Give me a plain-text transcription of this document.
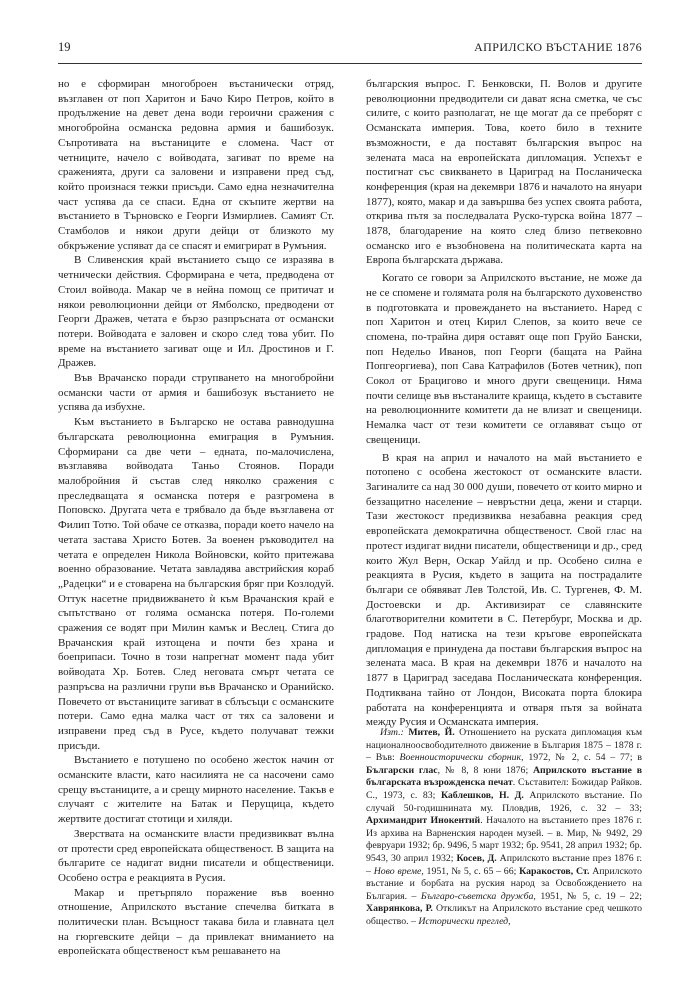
19	АПРИЛСКО ВЪСТАНИЕ 1876

но е сформиран многоброен въстанически отряд, възглавен от поп Харитон и Бачо Киро Петров, който в продължение на девет дена води героични сражения с многобройна османска редовна армия и башибозук. Съпротивата на въстаниците е сломена. Част от четниците, начело с войводата, загиват по време на сраженията, други са заловени и изправени пред съд, който произнася тежки присъди. Само една незначителна част успява да се спаси. Една от скъпите жертви на въстанието в Търновско е Георги Измирлиев. Самият Ст. Стамболов и някои други дейци от близкото му обкръжение успяват да се спасят и емигрират в Румъния.

В Сливенския край въстанието също се изразява в четнически действия. Сформирана е чета, предводена от Стоил войвода. Макар че в нейна помощ се притичат и някои революционни дейци от Ямболско, предводени от Георги Дражев, четата е бързо разпръсната от османски потери. Войводата е заловен и скоро след това убит. По време на въстанието загиват още и Ил. Дростинов и Г. Дражев.

Във Врачанско поради струпването на многобройни османски части от армия и башибозук въстанието не успява да избухне.

Към въстанието в Българско не остава равнодушна българската революционна емиграция в Румъния. Сформирани са две чети – едната, по-малочислена, възглавява войводата Таньо Стоянов. Поради малобройния й състав след няколко сражения с преследващата я османска потеря е разгромена в Поповско. Другата чета е трябвало да бъде възглавена от Филип Тотю. Той обаче се отказва, поради което начело на четата застава Христо Ботев. За военен ръководител на четата е определен Никола Войновски, който притежава военно образование. Четата завладява австрийския кораб „Радецки“ и е стоварена на българския бряг при Козлодуй. Оттук насетне придвижването ѝ към Врачанския край е съпътствано от голяма османска потеря. По-големи сражения се водят при Милин камък и Веслец. Стига до Врачанския край изтощена и почти без храна и боеприпаси. Точно в този напрегнат момент пада убит войводата Хр. Ботев. След неговата смърт четата се разпръсва на различни групи във Врачанско и Оранийско. Повечето от въстаниците загиват в сблъсъци с османските потери. Само една малка част от тях са заловени и изправени пред съд в Русе, където получават тежки присъди.

Въстанието е потушено по особено жесток начин от османските власти, като насилията не са насочени само срещу въстаниците, а и срещу мирното население. Такъв е случаят с жителите на Батак и Перущица, където жертвите достигат стотици и хиляди.

Зверствата на османските власти предизвикват вълна от протести сред европейската общественост. В защита на българите се надигат видни писатели и общественици. Особено остра е реакцията в Русия.

Макар и претърпяло поражение във военно отношение, Априлското въстание спечелва битката в политически план. Всъщност такава била и главната цел на гюргевските дейци – да привлекат вниманието на европейската общественост към решаването на

българския въпрос. Г. Бенковски, П. Волов и другите революционни предводители си дават ясна сметка, че със силите, с които разполагат, не ще могат да се преборят с Османската империя. Това, което било в техните възможности, е да поставят българския въпрос на зелената маса на европейската дипломация. Успехът е постигнат със свикването в Цариград на Посланическа конференция (края на декември 1876 и началото на януари 1877), която, макар и да завършва без успех своята работа, открива пътя за последвалата Руско-турска война 1877 – 1878, благодарение на която след близо петвековно османско иго е възобновена на политическата карта на Европа българската държава.

Когато се говори за Априлското въстание, не може да не се спомене и голямата роля на българското духовенство в подготовката и провеждането на въстанието. Наред с поп Харитон и отец Кирил Слепов, за които вече се спомена, по-трайна диря оставят още поп Груйо Бански, поп Недельо Иванов, поп Георги (бащата на Райна Попгеоргиева), поп Сава Катрафилов (Ботев четник), поп Сокол от Брацигово и много други свещеници. Няма почти селище във въстаналите краища, където в съставите на революционните комитети да не влизат и свещеници. Немалка част от тези комитети се оглавяват също от свещеници.

В края на април и началото на май въстанието е потопено с особена жестокост от османските власти. Загиналите са над 30 000 души, повечето от които мирно и беззащитно население – невръстни деца, жени и старци. Тази жестокост предизвиква незабавна реакция сред европейската демократична общественост. Свой глас на протест издигат видни писатели, общественици и др., сред които Жул Верн, Оскар Уайлд и пр. Особено силна е реакцията в Русия, където в защита на пострадалите българи се обявяват Лев Толстой, Ив. С. Тургенев, Ф. М. Достоевски и др. Активизират се славянските благотворителни комитети в С. Петербург, Москва и др. градове. Под натиска на тези кръгове европейската дипломация е принудена да постави българския въпрос на зелената маса. В края на декември 1876 и началото на 1877 в Цариград заседава Посланическата конференция. Подтиквана тайно от Лондон, Високата порта блокира работата на конференцията и отваря пътя за войната между Русия и Османската империя.

Изт.: Митев, Й. Отношението на руската дипломация към националноосвободителното движение в България 1875 – 1878 г. – Във: Военноисторически сборник, 1972, № 2, с. 54 – 77; в Български глас, № 8, 8 юни 1876; Априлското въстание в българската възрожденска печат. Съставител: Божидар Райков. С., 1973, с. 83; Каблешков, Н. Д. Априлското въстание. По случай 50-годишнината му. Пловдив, 1926, с. 32 – 33; Архимандрит Инокентий. Началото на въстанието през 1876 г. Из архива на Варненския народен музей. – в. Мир, № 9492, 29 февруари 1932; бр. 9496, 5 март 1932; бр. 9541, 28 април 1932; бр. 9543, 30 април 1932; Косев, Д. Априлското въстание през 1876 г. – Ново време, 1951, № 5, с. 65 – 66; Каракостов, Ст. Априлското въстание и борбата на руския народ за Освобождението на България. – Българо-съветска дружба, 1951, № 5, с. 19 – 22; Хаврянкова, Р. Откликът на Априлското въстание сред чешкото общество. – Исторически преглед,
